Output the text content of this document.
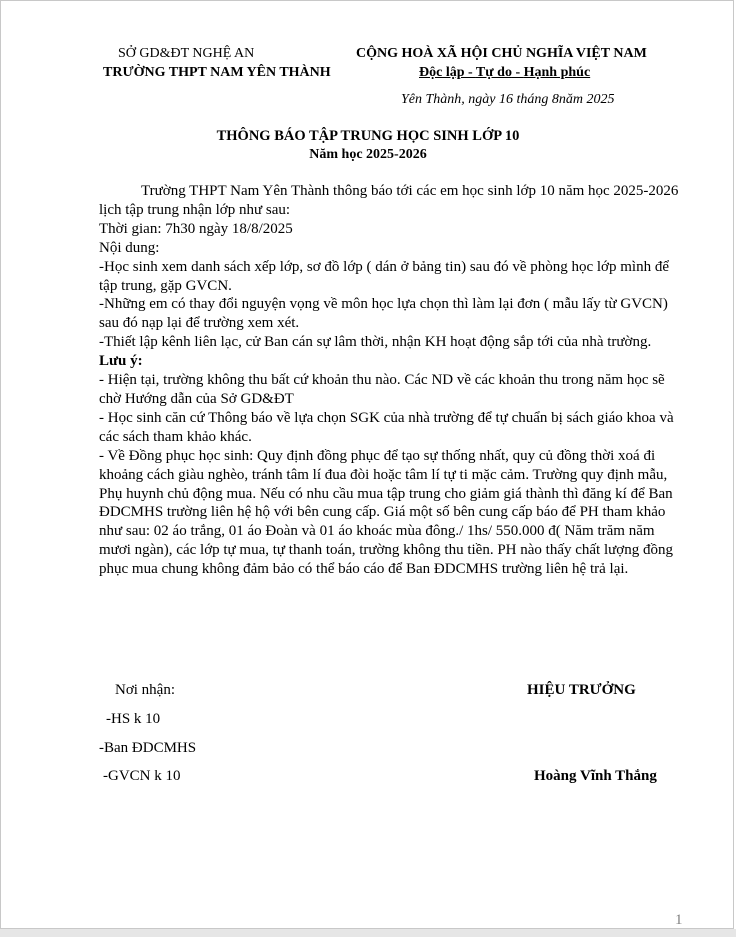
SỞ GD&ĐT NGHỆ AN
TRƯỜNG THPT NAM YÊN THÀNH
CỘNG HOÀ XÃ HỘI CHỦ NGHĨA VIỆT NAM
Độc lập - Tự do - Hạnh phúc
Yên Thành, ngày 16 tháng 8năm 2025
THÔNG BÁO TẬP TRUNG HỌC SINH LỚP 10
Năm học 2025-2026

Trường THPT Nam Yên Thành thông báo tới các em học sinh lớp 10 năm học 2025-2026 lịch tập trung nhận lớp như sau:

Thời gian: 7h30 ngày 18/8/2025

Nội dung:

-Học sinh xem danh sách xếp lớp, sơ đồ lớp ( dán ở bảng tin) sau đó về phòng học lớp mình để tập trung, gặp GVCN.

-Những em có thay đổi nguyện vọng về môn học lựa chọn thì làm lại đơn ( mẫu lấy từ GVCN) sau đó nạp lại để trường xem xét.

-Thiết lập kênh liên lạc, cử Ban cán sự lâm thời, nhận KH hoạt động sắp tới của nhà trường.

Lưu ý:

- Hiện tại, trường không thu bất cứ khoản thu nào. Các ND về các khoản thu trong năm học sẽ chờ Hướng dẫn của Sở GD&ĐT

- Học sinh căn cứ Thông báo về lựa chọn SGK của nhà trường để tự chuẩn bị sách giáo khoa và các sách tham khảo khác.

- Về Đồng phục học sinh: Quy định đồng phục để tạo sự thống nhất, quy củ đồng thời xoá đi khoảng cách giàu nghèo, tránh tâm lí đua đòi hoặc tâm lí tự ti mặc cảm. Trường quy định mẫu, Phụ huynh chủ động mua. Nếu có nhu cầu mua tập trung cho giảm giá thành thì đăng kí để Ban ĐDCMHS trường liên hệ hộ với bên cung cấp. Giá một số bên cung cấp báo để PH tham khảo như sau: 02 áo trắng, 01 áo Đoàn và 01 áo khoác mùa đông./ 1hs/ 550.000 đ( Năm trăm năm mươi ngàn), các lớp tự mua, tự thanh toán, trường không thu tiền. PH nào thấy chất lượng đồng phục mua chung không đảm bảo có thể báo cáo để Ban ĐDCMHS trường liên hệ trả lại.

Nơi nhận:
-HS k 10
-Ban ĐDCMHS
-GVCN k 10
HIỆU TRƯỞNG
Hoàng Vĩnh Thắng
1
